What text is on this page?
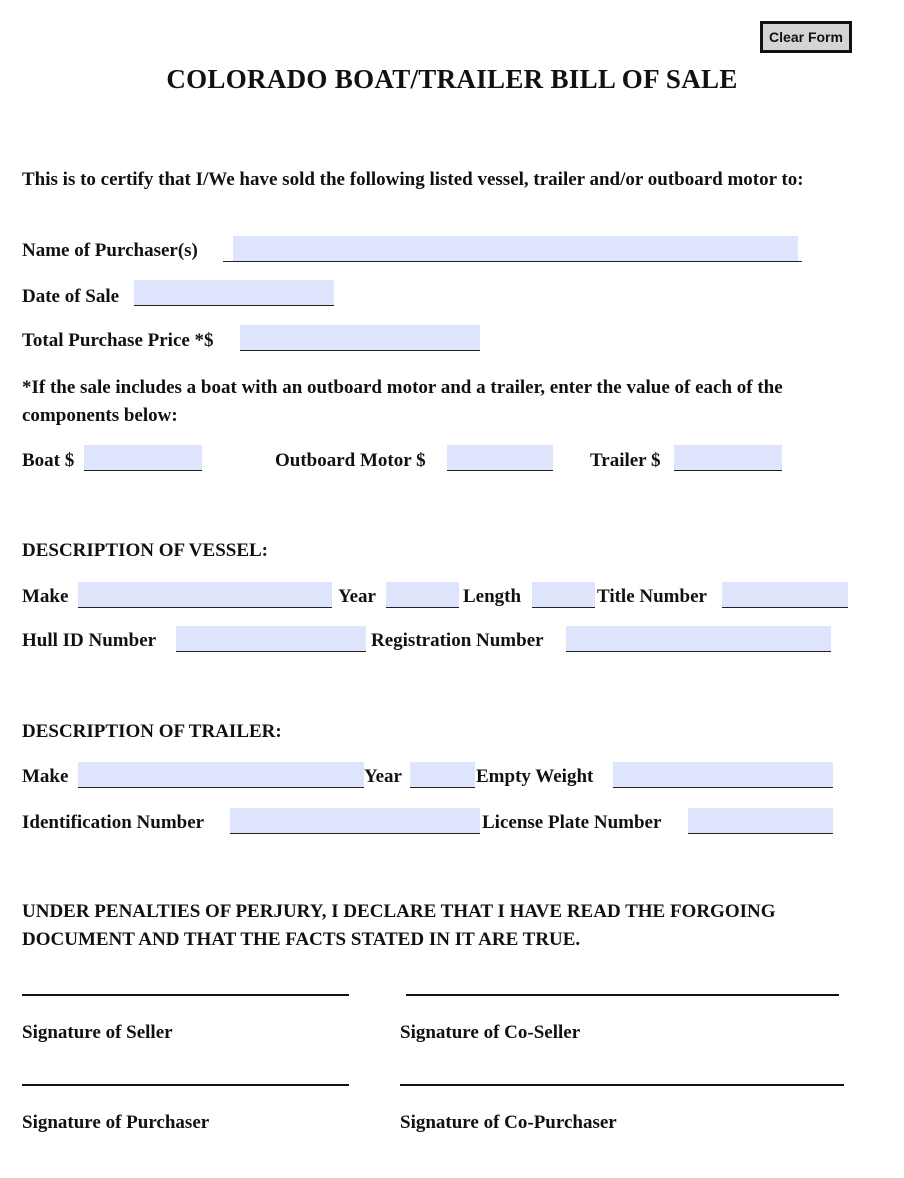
Clear Form
COLORADO BOAT/TRAILER BILL OF SALE
This is to certify that I/We have sold the following listed vessel, trailer and/or outboard motor to:
Name of Purchaser(s)
Date of Sale
Total Purchase Price *$
*If the sale includes a boat with an outboard motor and a trailer, enter the value of each of the components below:
Boat $	Outboard Motor $	Trailer $
DESCRIPTION OF VESSEL:
Make	Year	Length	Title Number
Hull ID Number	Registration Number
DESCRIPTION OF TRAILER:
Make	Year	Empty Weight
Identification Number	License Plate Number
UNDER PENALTIES OF PERJURY, I DECLARE THAT I HAVE READ THE FORGOING DOCUMENT AND THAT THE FACTS STATED IN IT ARE TRUE.
Signature of Seller	Signature of Co-Seller
Signature of Purchaser	Signature of Co-Purchaser
